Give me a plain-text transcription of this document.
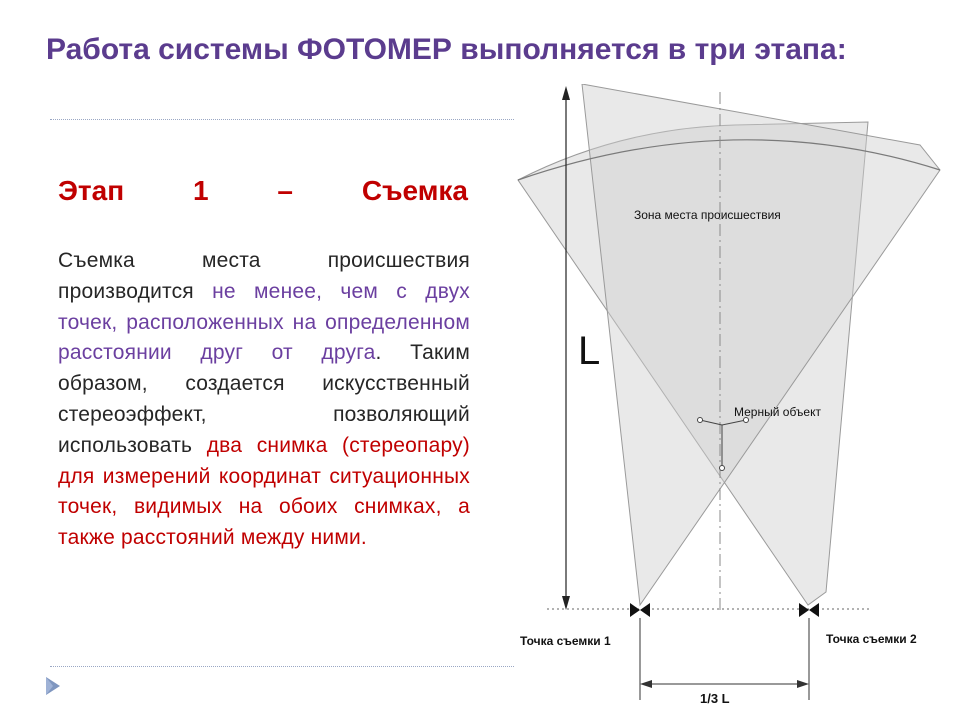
Работа системы ФОТОМЕР выполняется в три этапа:
Этап 1 – Съемка

Съемка места происшествия производится не менее, чем с двух точек, расположенных на определенном расстоянии друг от друга. Таким образом, создается искусственный стереоэффект, позволяющий использовать два снимка (стереопару) для измерений координат ситуационных точек, видимых на обоих снимках, а также расстояний между ними.

L
Зона места происшествия
Мерный объект
Точка съемки 1	Точка съемки 2
1/3 L
